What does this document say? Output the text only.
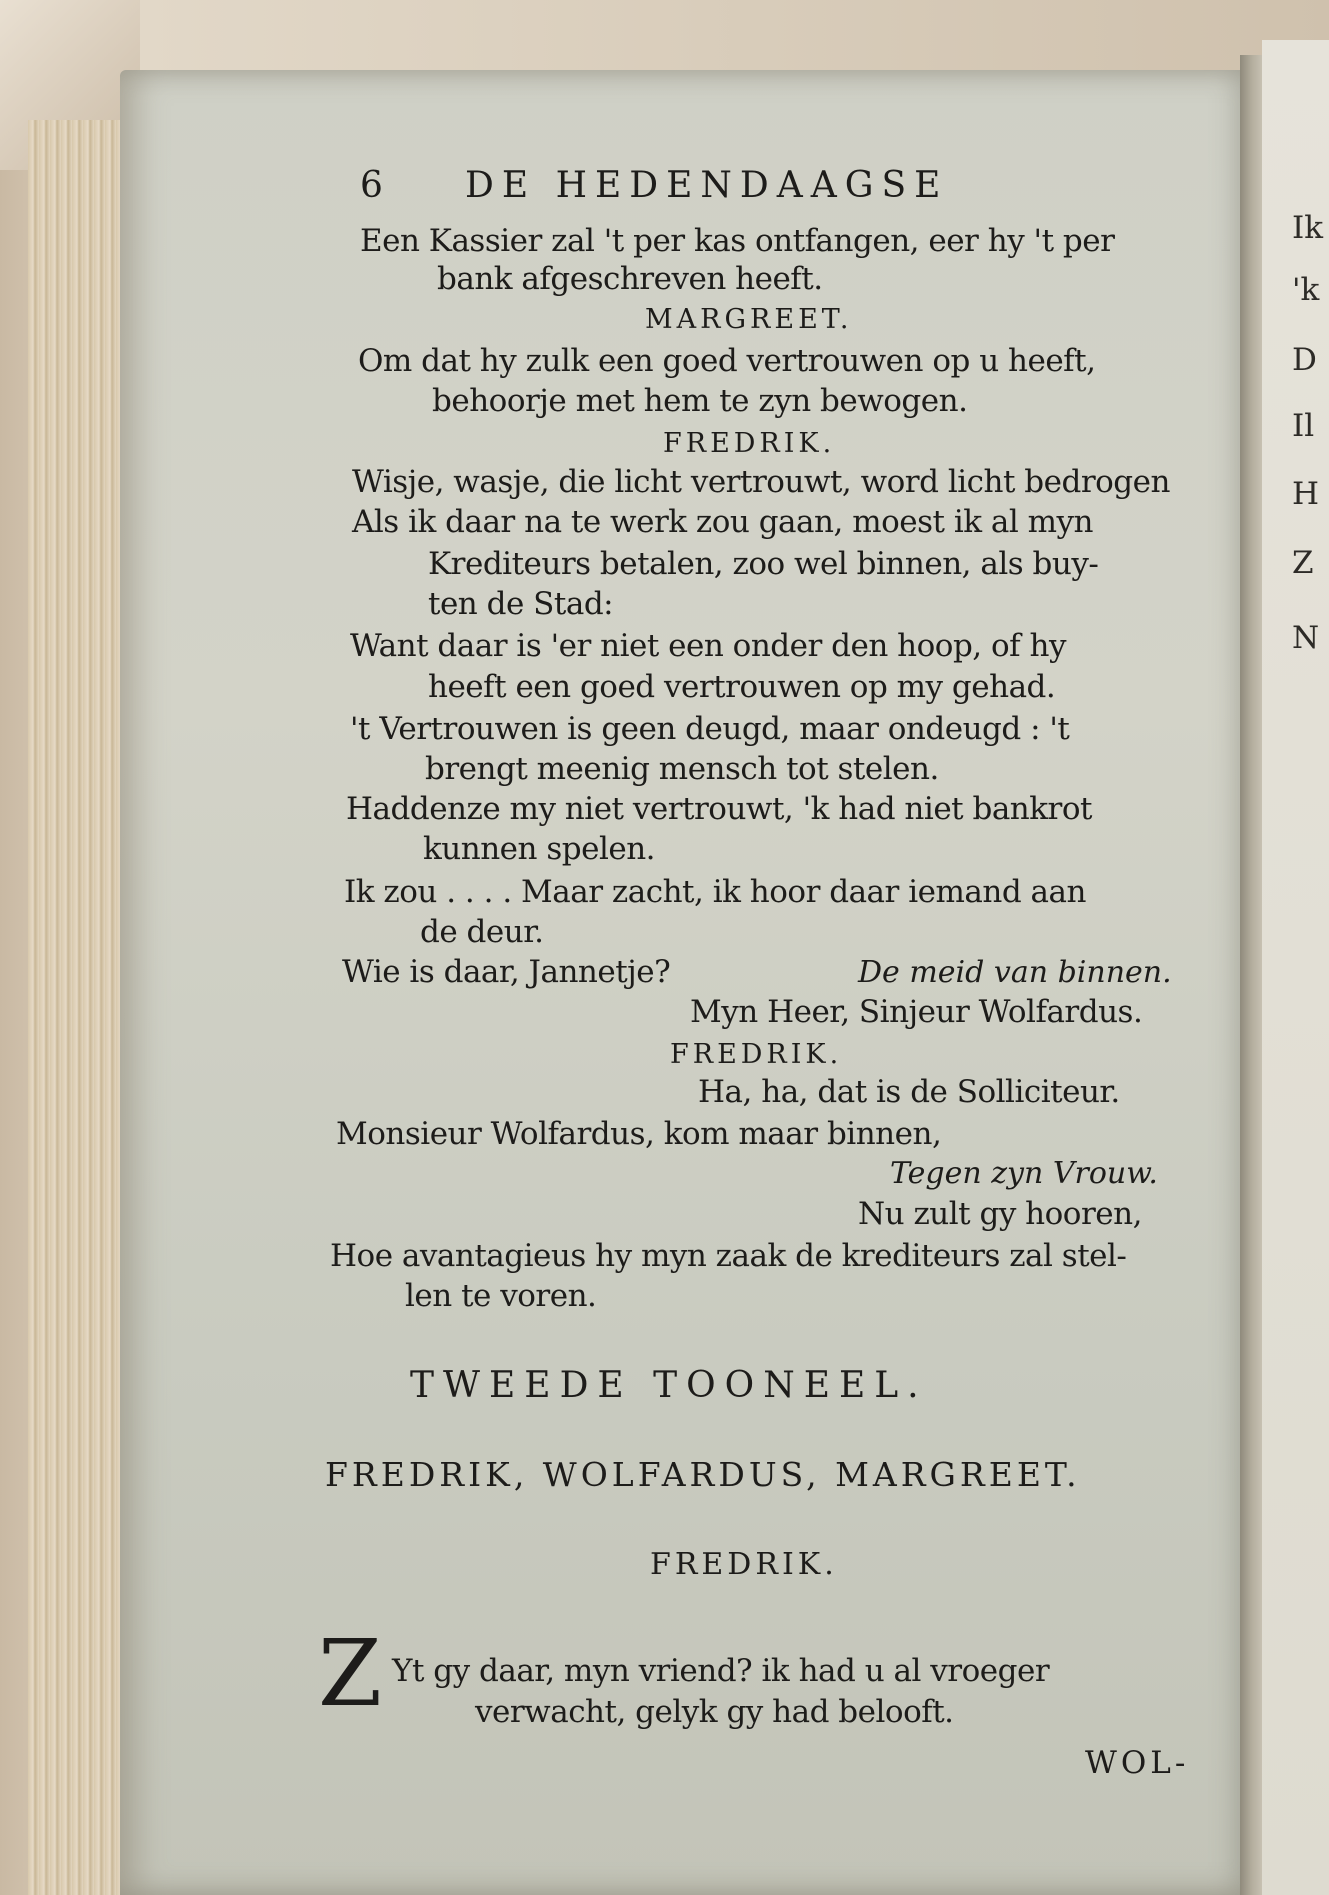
Ik
'k
D
Il
H
Z
N
6 DE HEDENDAAGSE
Een Kassier zal 't per kas ontfangen, eer hy 't per
bank afgeschreven heeft.
MARGREET.
Om dat hy zulk een goed vertrouwen op u heeft,
behoorje met hem te zyn bewogen.
FREDRIK.
Wisje, wasje, die licht vertrouwt, word licht bedrogen
Als ik daar na te werk zou gaan, moest ik al myn
Krediteurs betalen, zoo wel binnen, als buy-
ten de Stad:
Want daar is 'er niet een onder den hoop, of hy
heeft een goed vertrouwen op my gehad.
't Vertrouwen is geen deugd, maar ondeugd : 't
brengt meenig mensch tot stelen.
Haddenze my niet vertrouwt, 'k had niet bankrot
kunnen spelen.
Ik zou . . . . Maar zacht, ik hoor daar iemand aan
de deur.
Wie is daar, Jannetje?	De meid van binnen.
Myn Heer, Sinjeur Wolfardus.
FREDRIK.
Ha, ha, dat is de Solliciteur.
Monsieur Wolfardus, kom maar binnen,
Tegen zyn Vrouw.
Nu zult gy hooren,
Hoe avantagieus hy myn zaak de krediteurs zal stel-
len te voren.
TWEEDE TOONEEL.
FREDRIK, WOLFARDUS, MARGREET.
FREDRIK.
Z Yt gy daar, myn vriend? ik had u al vroeger
verwacht, gelyk gy had belooft.
WOL-
